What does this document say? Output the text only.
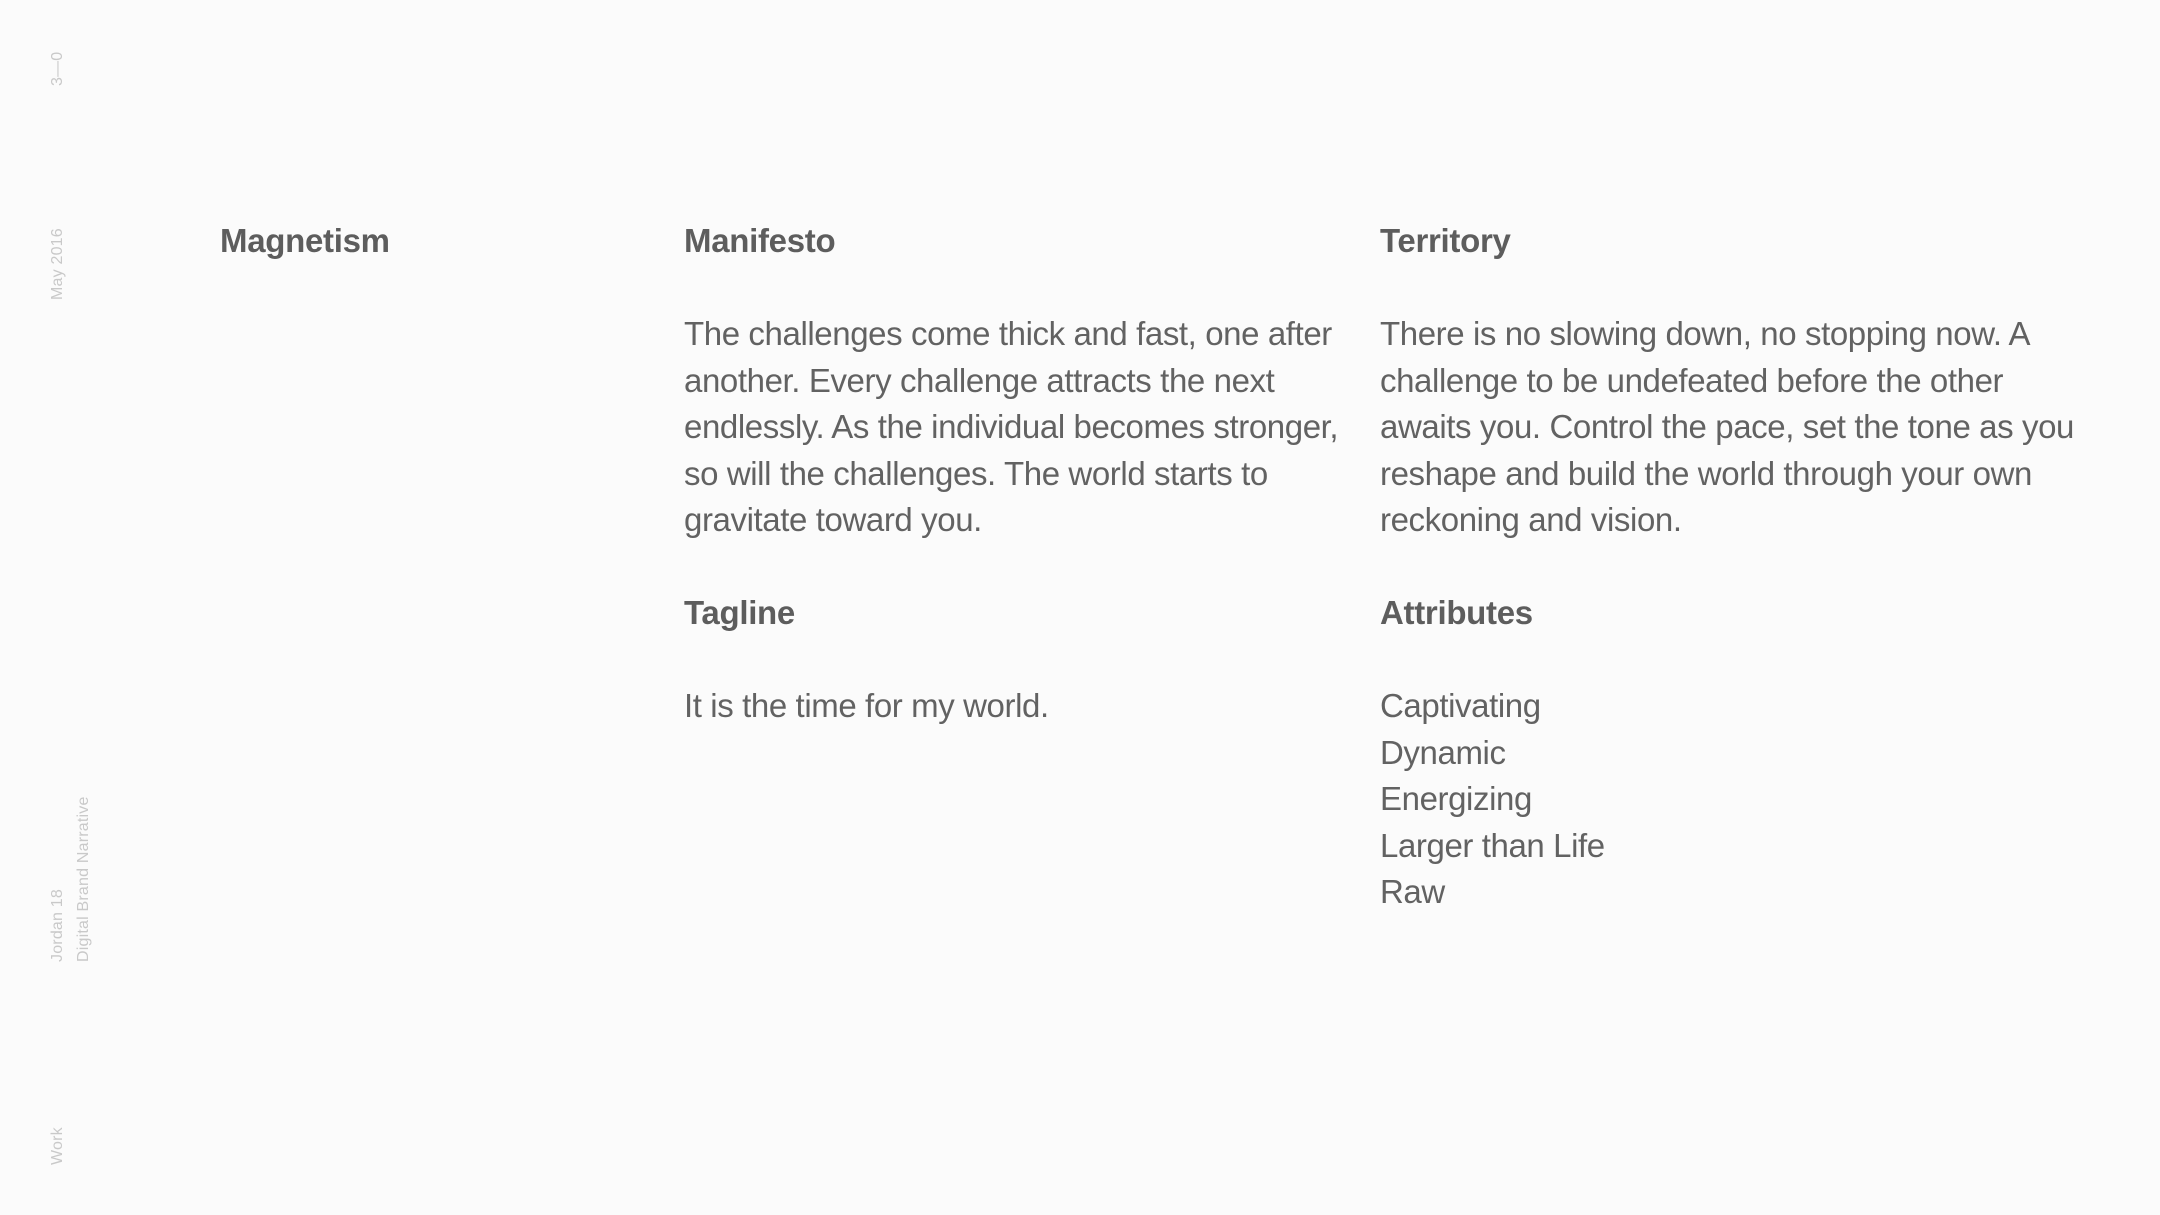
3—0
May 2016
Jordan 18 Digital Brand Narrative
Work
Magnetism	Manifesto
The challenges come thick and fast, one after another. Every challenge attracts the next endlessly. As the individual becomes stronger, so will the challenges. The world starts to gravitate toward you.
Territory
There is no slowing down, no stopping now. A challenge to be undefeated before the other awaits you. Control the pace, set the tone as you reshape and build the world through your own reckoning and vision.
Tagline
It is the time for my world.
Attributes
Captivating
Dynamic
Energizing
Larger than Life
Raw
